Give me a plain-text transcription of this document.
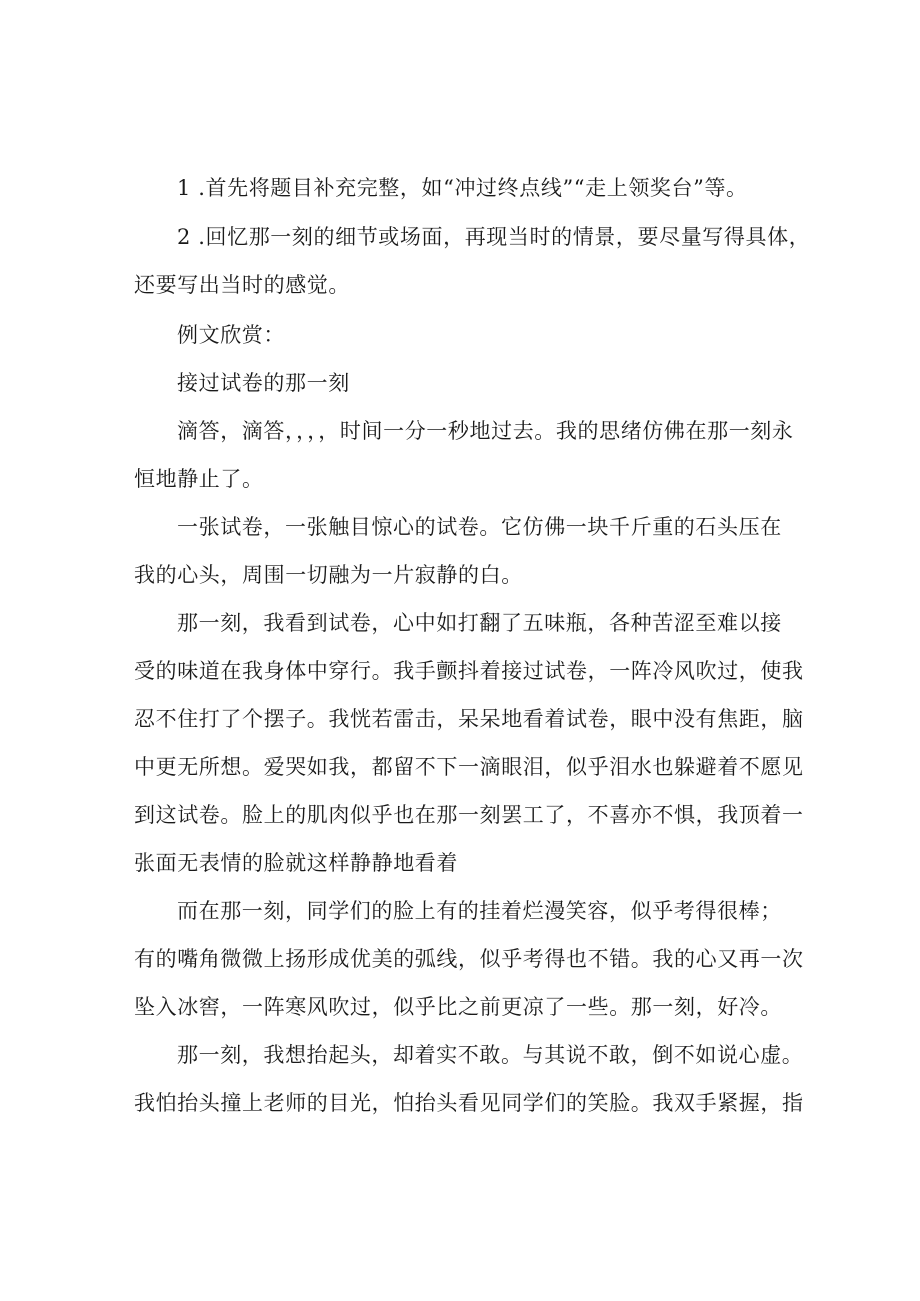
1 .首先将题目补充完整，如“冲过终点线”“走上领奖台”等。
2 .回忆那一刻的细节或场面，再现当时的情景，要尽量写得具体，
还要写出当时的感觉。
例文欣赏：
接过试卷的那一刻
滴答，滴答，，，，时间一分一秒地过去。我的思绪仿佛在那一刻永
恒地静止了。
一张试卷，一张触目惊心的试卷。它仿佛一块千斤重的石头压在
我的心头，周围一切融为一片寂静的白。
那一刻，我看到试卷，心中如打翻了五味瓶，各种苦涩至难以接
受的味道在我身体中穿行。我手颤抖着接过试卷，一阵冷风吹过，使我
忍不住打了个摆子。我恍若雷击，呆呆地看着试卷，眼中没有焦距，脑
中更无所想。爱哭如我，都留不下一滴眼泪，似乎泪水也躲避着不愿见
到这试卷。脸上的肌肉似乎也在那一刻罢工了，不喜亦不惧，我顶着一
张面无表情的脸就这样静静地看着
而在那一刻，同学们的脸上有的挂着烂漫笑容，似乎考得很棒；
有的嘴角微微上扬形成优美的弧线，似乎考得也不错。我的心又再一次
坠入冰窖，一阵寒风吹过，似乎比之前更凉了一些。那一刻，好冷。
那一刻，我想抬起头，却着实不敢。与其说不敢，倒不如说心虚。
我怕抬头撞上老师的目光，怕抬头看见同学们的笑脸。我双手紧握，指
